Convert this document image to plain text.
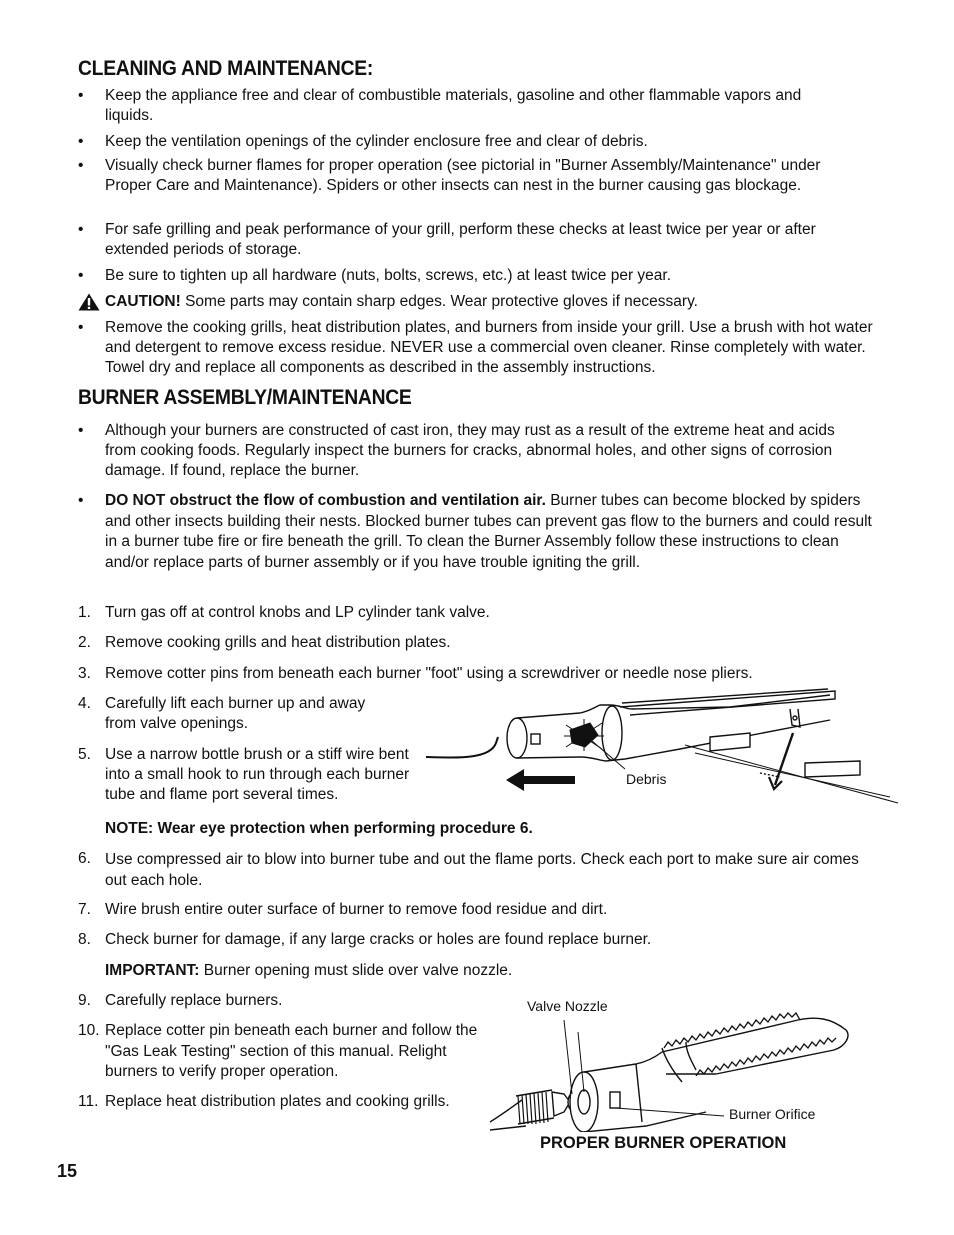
CLEANING AND MAINTENANCE:
•	Keep the appliance free and clear of combustible materials, gasoline and other flammable vapors and liquids.
•	Keep the ventilation openings of the cylinder enclosure free and clear of debris.
•	Visually check burner flames for proper operation (see pictorial in "Burner Assembly/Maintenance" under Proper Care and Maintenance). Spiders or other insects can nest in the burner causing gas blockage.
•	For safe grilling and peak performance of your grill, perform these checks at least twice per year or after extended periods of storage.
•	Be sure to tighten up all hardware (nuts, bolts, screws, etc.) at least twice per year.
CAUTION! Some parts may contain sharp edges. Wear protective gloves if necessary.
•	Remove the cooking grills, heat distribution plates, and burners from inside your grill. Use a brush with hot water and detergent to remove excess residue. NEVER use a commercial oven cleaner. Rinse completely with water. Towel dry and replace all components as described in the assembly instructions.
BURNER ASSEMBLY/MAINTENANCE
•	Although your burners are constructed of cast iron, they may rust as a result of the extreme heat and acids from cooking foods. Regularly inspect the burners for cracks, abnormal holes, and other signs of corrosion damage. If found, replace the burner.
•	DO NOT obstruct the flow of combustion and ventilation air. Burner tubes can become blocked by spiders and other insects building their nests. Blocked burner tubes can prevent gas flow to the burners and could result in a burner tube fire or fire beneath the grill. To clean the Burner Assembly follow these instructions to clean and/or replace parts of burner assembly or if you have trouble igniting the grill.
1. Turn gas off at control knobs and LP cylinder tank valve.
2. Remove cooking grills and heat distribution plates.
3. Remove cotter pins from beneath each burner "foot" using a screwdriver or needle nose pliers.
4. Carefully lift each burner up and away from valve openings.
5. Use a narrow bottle brush or a stiff wire bent into a small hook to run through each burner tube and flame port several times.
Debris
NOTE: Wear eye protection when performing procedure 6.
6. Use compressed air to blow into burner tube and out the flame ports. Check each port to make sure air comes out each hole.
7. Wire brush entire outer surface of burner to remove food residue and dirt.
8. Check burner for damage, if any large cracks or holes are found replace burner.
IMPORTANT: Burner opening must slide over valve nozzle.
9. Carefully replace burners.
10. Replace cotter pin beneath each burner and follow the "Gas Leak Testing" section of this manual. Relight burners to verify proper operation.
11. Replace heat distribution plates and cooking grills.
Valve Nozzle
Burner Orifice
PROPER BURNER OPERATION
15
